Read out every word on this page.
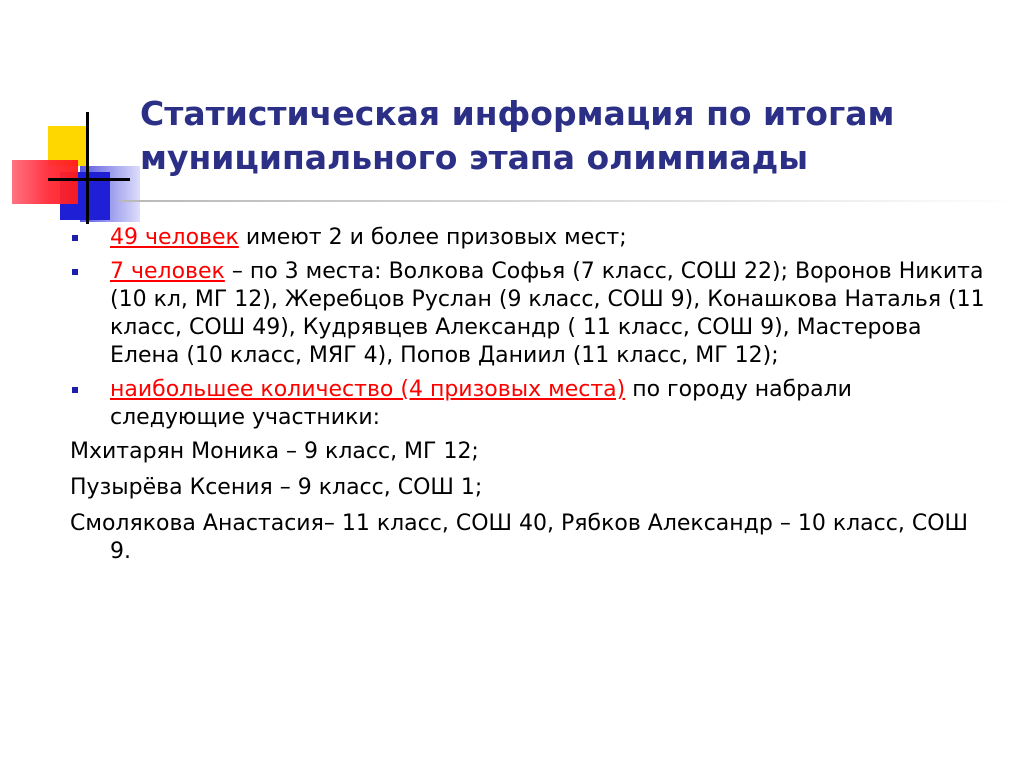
Статистическая информация по итогам
муниципального этапа олимпиады
49 человек имеют 2 и более призовых мест;
7 человек – по 3 места: Волкова Софья (7 класс, СОШ 22); Воронов Никита (10 кл, МГ 12), Жеребцов Руслан (9 класс, СОШ 9), Конашкова Наталья (11 класс, СОШ 49), Кудрявцев Александр ( 11 класс, СОШ 9), Мастерова Елена (10 класс, МЯГ 4), Попов Даниил (11 класс, МГ 12);
наибольшее количество (4 призовых места) по городу набрали следующие участники:
Мхитарян Моника – 9 класс, МГ 12;
Пузырёва Ксения – 9 класс, СОШ 1;
Смолякова Анастасия– 11 класс, СОШ 40, Рябков Александр – 10 класс, СОШ 9.
